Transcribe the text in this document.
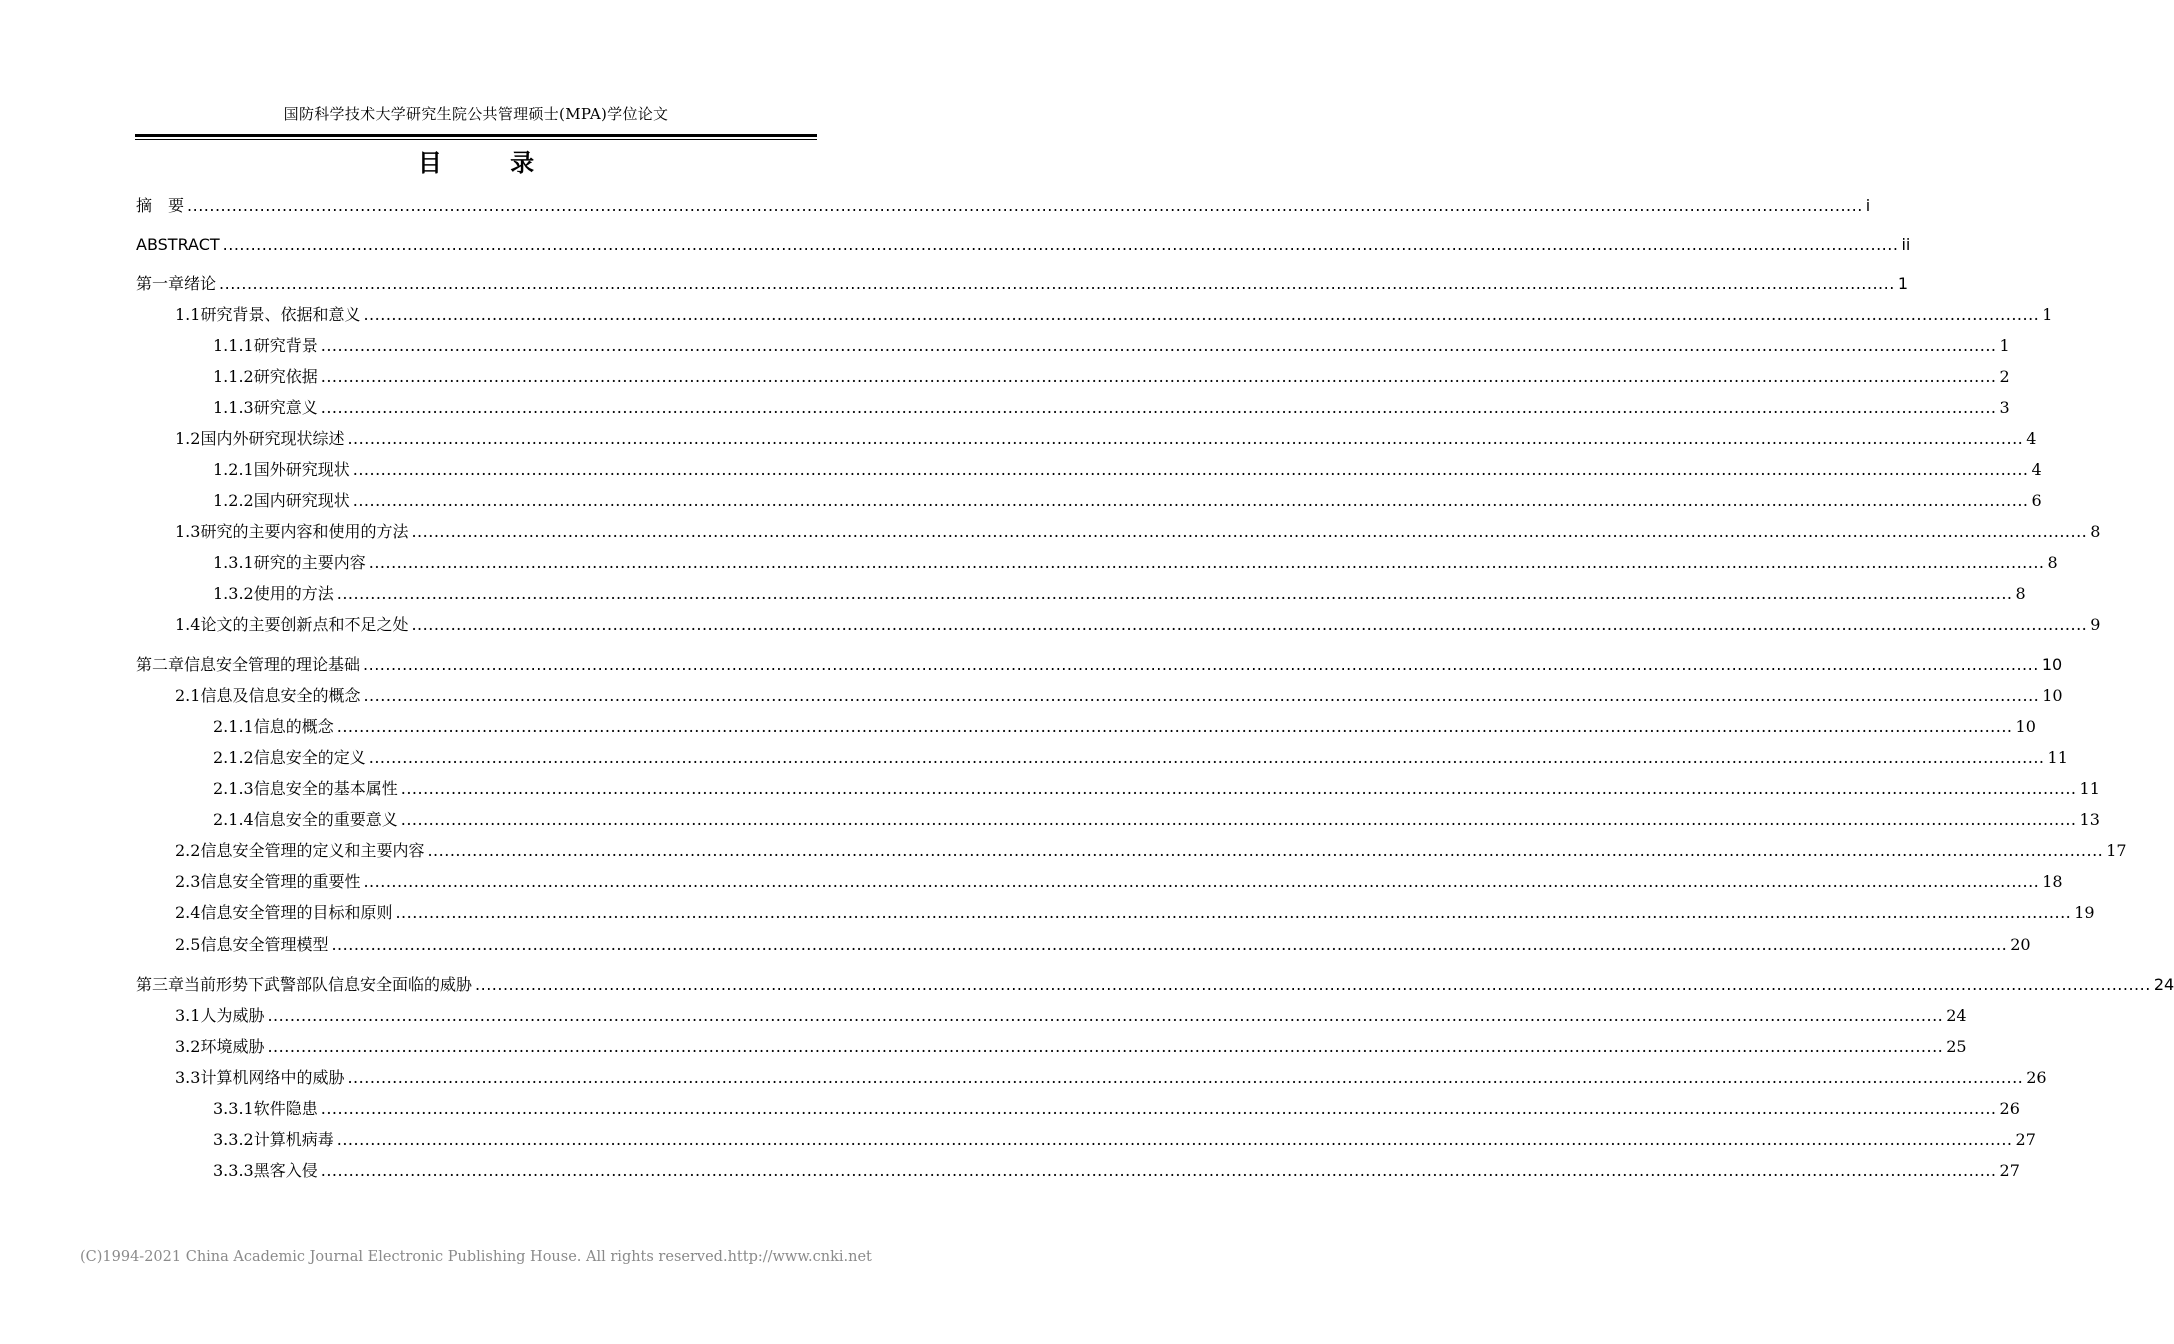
国防科学技术大学研究生院公共管理硕士(MPA)学位论文
目 录
摘　要 ............................................................................................................................................................................................................................................................................................................ i
ABSTRACT ............................................................................................................................................................................................................................................................................................................ ii
第一章 绪论 ............................................................................................................................................................................................................................................................................................................ 1
1.1 研究背景、依据和意义 ............................................................................................................................................................................................................................................................................................................ 1
1.1.1 研究背景 ............................................................................................................................................................................................................................................................................................................ 1
1.1.2 研究依据 ............................................................................................................................................................................................................................................................................................................ 2
1.1.3 研究意义 ............................................................................................................................................................................................................................................................................................................ 3
1.2 国内外研究现状综述 ............................................................................................................................................................................................................................................................................................................ 4
1.2.1 国外研究现状 ............................................................................................................................................................................................................................................................................................................ 4
1.2.2 国内研究现状 ............................................................................................................................................................................................................................................................................................................ 6
1.3 研究的主要内容和使用的方法 ............................................................................................................................................................................................................................................................................................................ 8
1.3.1 研究的主要内容 ............................................................................................................................................................................................................................................................................................................ 8
1.3.2 使用的方法 ............................................................................................................................................................................................................................................................................................................ 8
1.4 论文的主要创新点和不足之处 ............................................................................................................................................................................................................................................................................................................ 9
第二章 信息安全管理的理论基础 ............................................................................................................................................................................................................................................................................................................ 10
2.1 信息及信息安全的概念 ............................................................................................................................................................................................................................................................................................................ 10
2.1.1 信息的概念 ............................................................................................................................................................................................................................................................................................................ 10
2.1.2 信息安全的定义 ............................................................................................................................................................................................................................................................................................................ 11
2.1.3 信息安全的基本属性 ............................................................................................................................................................................................................................................................................................................ 11
2.1.4 信息安全的重要意义 ............................................................................................................................................................................................................................................................................................................ 13
2.2 信息安全管理的定义和主要内容 ............................................................................................................................................................................................................................................................................................................ 17
2.3 信息安全管理的重要性 ............................................................................................................................................................................................................................................................................................................ 18
2.4 信息安全管理的目标和原则 ............................................................................................................................................................................................................................................................................................................ 19
2.5 信息安全管理模型 ............................................................................................................................................................................................................................................................................................................ 20
第三章 当前形势下武警部队信息安全面临的威胁 ............................................................................................................................................................................................................................................................................................................ 24
3.1 人为威胁 ............................................................................................................................................................................................................................................................................................................ 24
3.2 环境威胁 ............................................................................................................................................................................................................................................................................................................ 25
3.3 计算机网络中的威胁 ............................................................................................................................................................................................................................................................................................................ 26
3.3.1 软件隐患 ............................................................................................................................................................................................................................................................................................................ 26
3.3.2 计算机病毒 ............................................................................................................................................................................................................................................................................................................ 27
3.3.3 黑客入侵 ............................................................................................................................................................................................................................................................................................................ 27
(C)1994-2021 China Academic Journal Electronic Publishing House. All rights reserved. http://www.cnki.net
